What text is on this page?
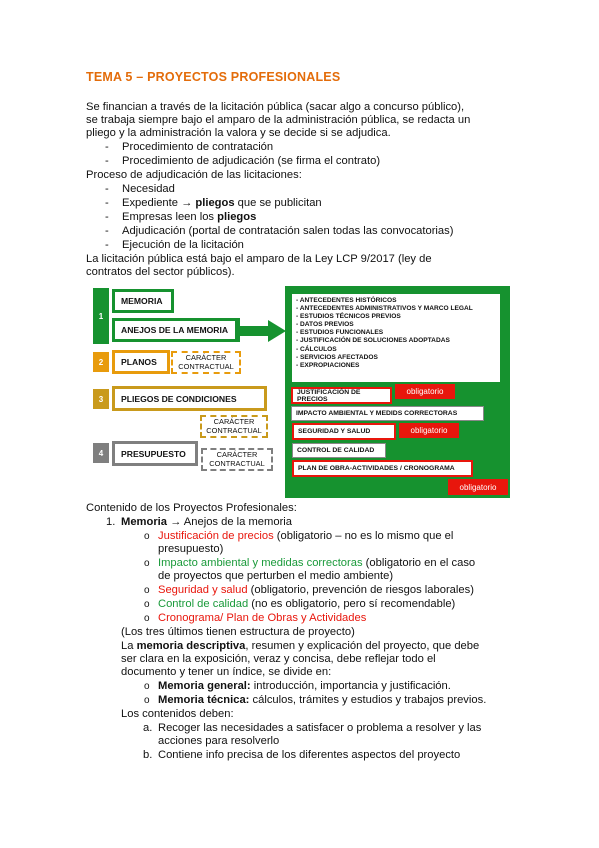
TEMA 5 – PROYECTOS PROFESIONALES
Se financian a través de la licitación pública (sacar algo a concurso público),
se trabaja siempre bajo el amparo de la administración pública, se redacta un
pliego y la administración la valora y se decide si se adjudica.
- Procedimiento de contratación
- Procedimiento de adjudicación (se firma el contrato)
Proceso de adjudicación de las licitaciones:
- Necesidad
- Expediente → pliegos que se publicitan
- Empresas leen los pliegos
- Adjudicación (portal de contratación salen todas las convocatorias)
- Ejecución de la licitación
La licitación pública está bajo el amparo de la Ley LCP 9/2017 (ley de
contratos del sector públicos).
1
MEMORIA
ANEJOS DE LA MEMORIA
2	PLANOS	CARÁCTER
CONTRACTUAL
3	PLIEGOS DE CONDICIONES
CARÁCTER
CONTRACTUAL
4	PRESUPUESTO	CARÁCTER
CONTRACTUAL
- ANTECEDENTES HISTÓRICOS
- ANTECEDENTES ADMINISTRATIVOS Y MARCO LEGAL
- ESTUDIOS TÉCNICOS PREVIOS
- DATOS PREVIOS
- ESTUDIOS FUNCIONALES
- JUSTIFICACIÓN DE SOLUCIONES ADOPTADAS
- CÁLCULOS
- SERVICIOS AFECTADOS
- EXPROPIACIONES
JUSTIFICACIÓN DE PRECIOS
obligatorio
IMPACTO AMBIENTAL Y MEDIDS CORRECTORAS
SEGURIDAD Y SALUD	obligatorio
CONTROL DE CALIDAD
PLAN DE OBRA-ACTIVIDADES / CRONOGRAMA
obligatorio
Contenido de los Proyectos Profesionales:
1. Memoria → Anejos de la memoria
o Justificación de precios (obligatorio – no es lo mismo que el
presupuesto)
o Impacto ambiental y medidas correctoras (obligatorio en el caso
de proyectos que perturben el medio ambiente)
o Seguridad y salud (obligatorio, prevención de riesgos laborales)
o Control de calidad (no es obligatorio, pero sí recomendable)
o Cronograma/ Plan de Obras y Actividades
(Los tres últimos tienen estructura de proyecto)
La memoria descriptiva, resumen y explicación del proyecto, que debe
ser clara en la exposición, veraz y concisa, debe reflejar todo el
documento y tener un índice, se divide en:
o Memoria general: introducción, importancia y justificación.
o Memoria técnica: cálculos, trámites y estudios y trabajos previos.
Los contenidos deben:
a. Recoger las necesidades a satisfacer o problema a resolver y las
acciones para resolverlo
b. Contiene info precisa de los diferentes aspectos del proyecto
